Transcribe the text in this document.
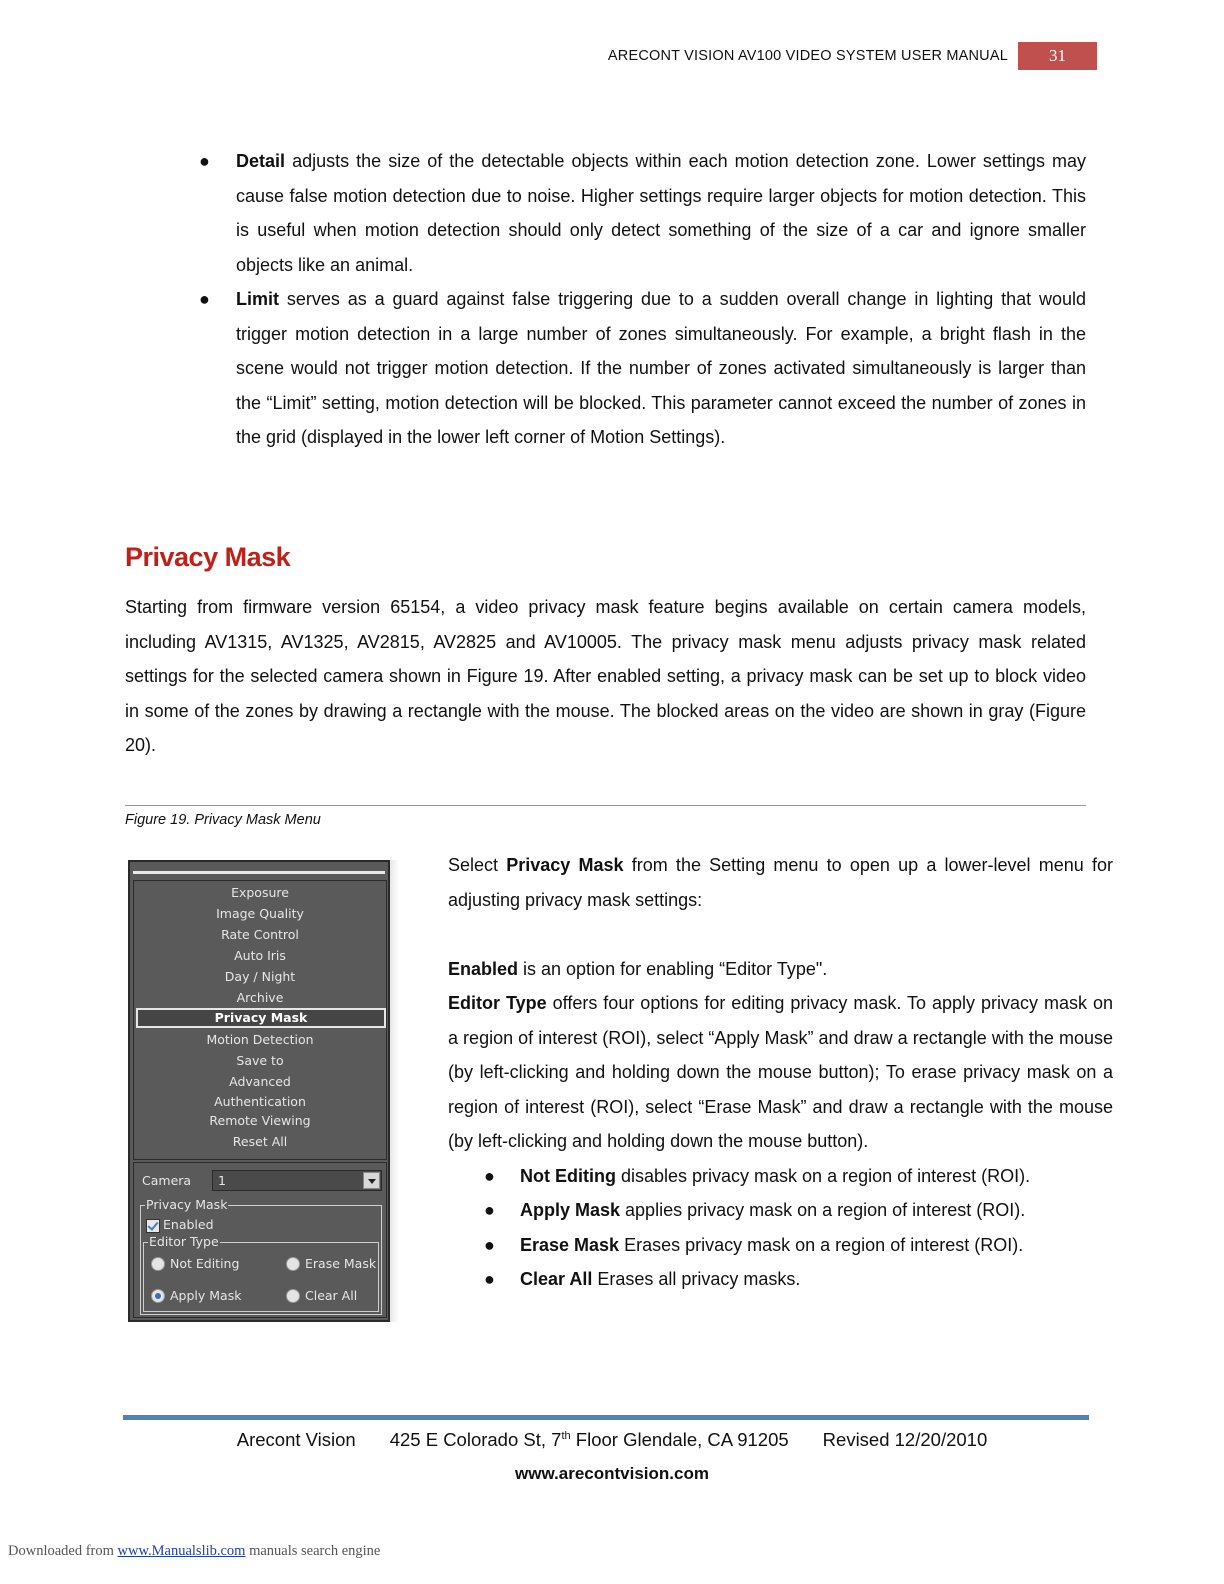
ARECONT VISION AV100 VIDEO SYSTEM USER MANUAL	31
● Detail adjusts the size of the detectable objects within each motion detection zone. Lower settings may cause false motion detection due to noise. Higher settings require larger objects for motion detection. This is useful when motion detection should only detect something of the size of a car and ignore smaller objects like an animal.
● Limit serves as a guard against false triggering due to a sudden overall change in lighting that would trigger motion detection in a large number of zones simultaneously. For example, a bright flash in the scene would not trigger motion detection. If the number of zones activated simultaneously is larger than the “Limit” setting, motion detection will be blocked. This parameter cannot exceed the number of zones in the grid (displayed in the lower left corner of Motion Settings).
Privacy Mask

Starting from firmware version 65154, a video privacy mask feature begins available on certain camera models, including AV1315, AV1325, AV2815, AV2825 and AV10005. The privacy mask menu adjusts privacy mask related settings for the selected camera shown in Figure 19. After enabled setting, a privacy mask can be set up to block video in some of the zones by drawing a rectangle with the mouse. The blocked areas on the video are shown in gray (Figure 20).

Figure 19. Privacy Mask Menu
Exposure
Image Quality
Rate Control
Auto Iris
Day / Night
Archive
Privacy Mask
Motion Detection
Save to
Advanced
Authentication
Remote Viewing
Reset All
Camera 1
Privacy Mask
Enabled
Editor Type
Not Editing	Erase Mask
Apply Mask	Clear All

Select Privacy Mask from the Setting menu to open up a lower-level menu for adjusting privacy mask settings:

Enabled is an option for enabling “Editor Type".

Editor Type offers four options for editing privacy mask. To apply privacy mask on a region of interest (ROI), select “Apply Mask” and draw a rectangle with the mouse (by left-clicking and holding down the mouse button); To erase privacy mask on a region of interest (ROI), select “Erase Mask” and draw a rectangle with the mouse (by left-clicking and holding down the mouse button).

● Not Editing disables privacy mask on a region of interest (ROI).
● Apply Mask applies privacy mask on a region of interest (ROI).
● Erase Mask Erases privacy mask on a region of interest (ROI).
● Clear All Erases all privacy masks.
Arecont Vision 425 E Colorado St, 7th Floor Glendale, CA 91205 Revised 12/20/2010
www.arecontvision.com
Downloaded from www.Manualslib.com manuals search engine
